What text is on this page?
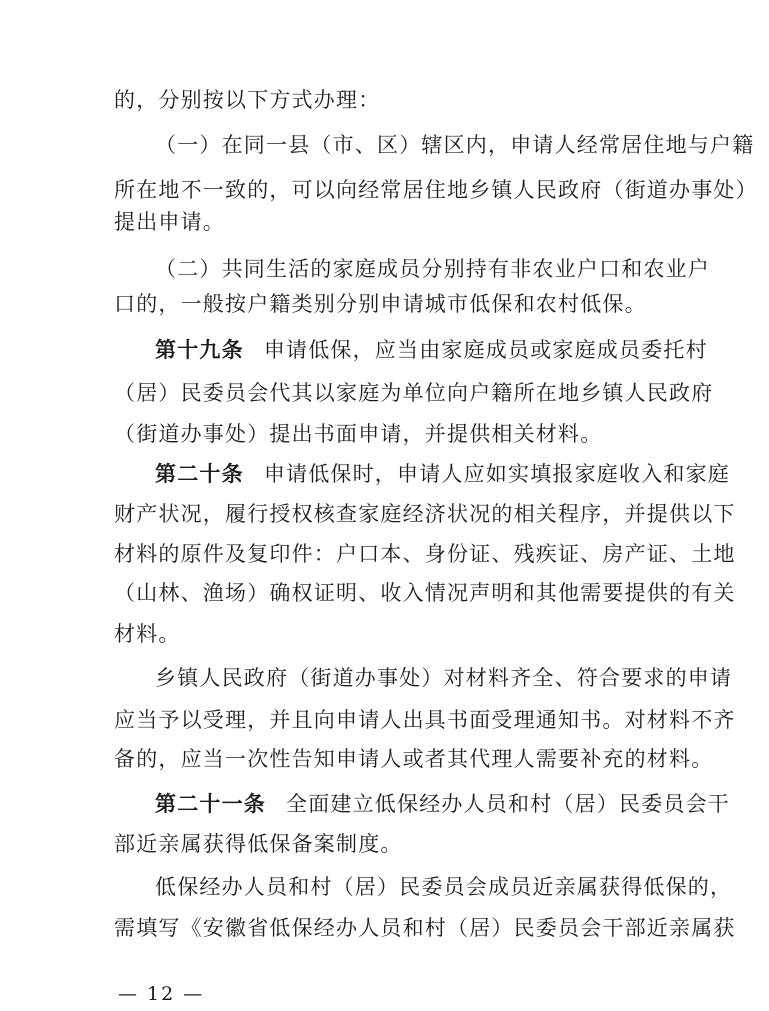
的，分别按以下方式办理：
（一）在同一县（市、区）辖区内，申请人经常居住地与户籍
所在地不一致的，可以向经常居住地乡镇人民政府（街道办事处）
提出申请。
（二）共同生活的家庭成员分别持有非农业户口和农业户
口的，一般按户籍类别分别申请城市低保和农村低保。
第十九条 申请低保，应当由家庭成员或家庭成员委托村
（居）民委员会代其以家庭为单位向户籍所在地乡镇人民政府
（街道办事处）提出书面申请，并提供相关材料。
第二十条 申请低保时，申请人应如实填报家庭收入和家庭
财产状况，履行授权核查家庭经济状况的相关程序，并提供以下
材料的原件及复印件：户口本、身份证、残疾证、房产证、土地
（山林、渔场）确权证明、收入情况声明和其他需要提供的有关
材料。
乡镇人民政府（街道办事处）对材料齐全、符合要求的申请
应当予以受理，并且向申请人出具书面受理通知书。对材料不齐
备的，应当一次性告知申请人或者其代理人需要补充的材料。
第二十一条 全面建立低保经办人员和村（居）民委员会干
部近亲属获得低保备案制度。
低保经办人员和村（居）民委员会成员近亲属获得低保的，
需填写《安徽省低保经办人员和村（居）民委员会干部近亲属获
— 12 —
